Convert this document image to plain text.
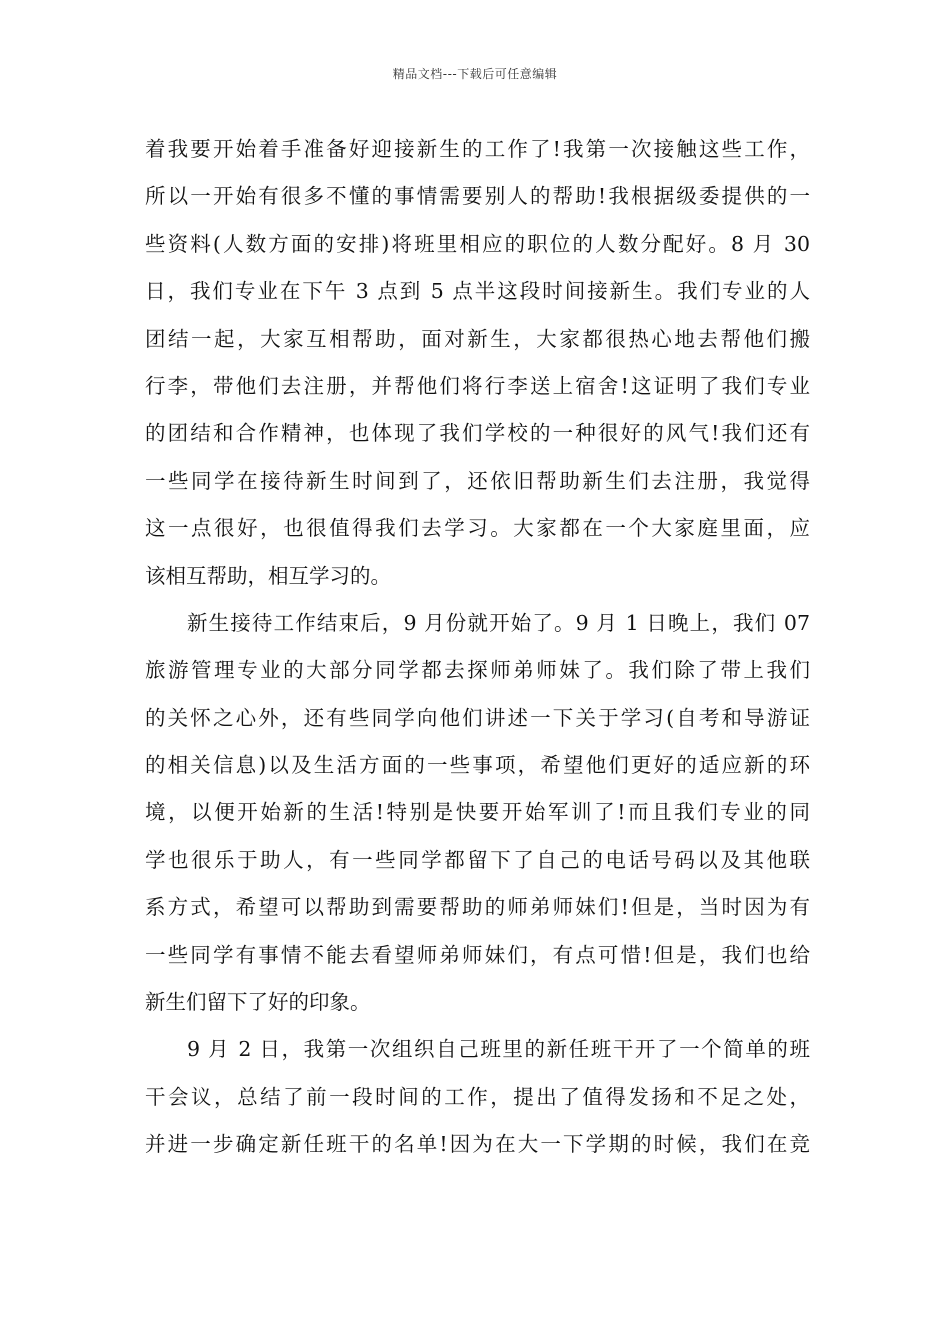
精品文档---下载后可任意编辑
着我要开始着手准备好迎接新生的工作了!我第一次接触这些工作，
所以一开始有很多不懂的事情需要别人的帮助!我根据级委提供的一
些资料(人数方面的安排)将班里相应的职位的人数分配好。8 月 30
日，我们专业在下午 3 点到 5 点半这段时间接新生。我们专业的人
团结一起，大家互相帮助，面对新生，大家都很热心地去帮他们搬
行李，带他们去注册，并帮他们将行李送上宿舍!这证明了我们专业
的团结和合作精神，也体现了我们学校的一种很好的风气!我们还有
一些同学在接待新生时间到了，还依旧帮助新生们去注册，我觉得
这一点很好，也很值得我们去学习。大家都在一个大家庭里面，应
该相互帮助，相互学习的。
新生接待工作结束后，9 月份就开始了。9 月 1 日晚上，我们 07
旅游管理专业的大部分同学都去探师弟师妹了。我们除了带上我们
的关怀之心外，还有些同学向他们讲述一下关于学习(自考和导游证
的相关信息)以及生活方面的一些事项，希望他们更好的适应新的环
境，以便开始新的生活!特别是快要开始军训了!而且我们专业的同
学也很乐于助人，有一些同学都留下了自己的电话号码以及其他联
系方式，希望可以帮助到需要帮助的师弟师妹们!但是，当时因为有
一些同学有事情不能去看望师弟师妹们，有点可惜!但是，我们也给
新生们留下了好的印象。
9 月 2 日，我第一次组织自己班里的新任班干开了一个简单的班
干会议，总结了前一段时间的工作，提出了值得发扬和不足之处，
并进一步确定新任班干的名单!因为在大一下学期的时候，我们在竞
